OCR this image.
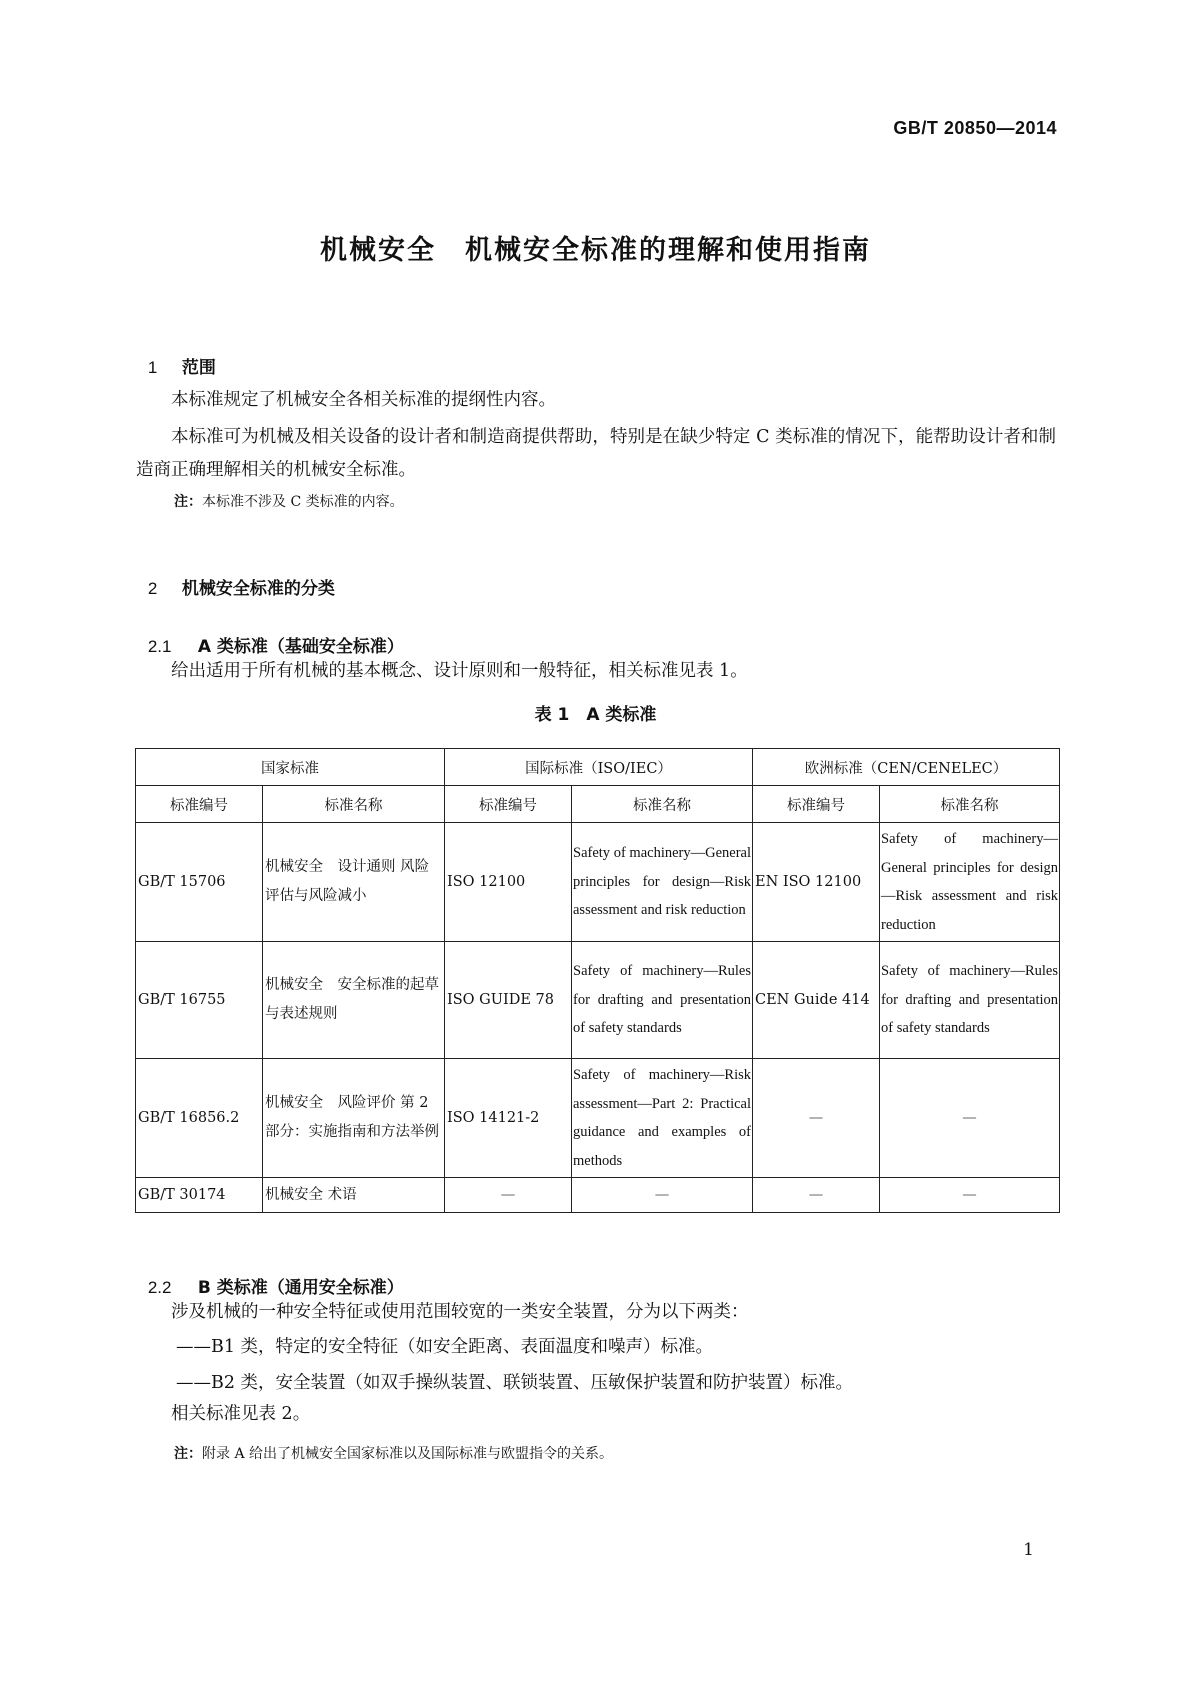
GB/T 20850—2014
机械安全　机械安全标准的理解和使用指南

1 范围

本标准规定了机械安全各相关标准的提纲性内容。
本标准可为机械及相关设备的设计者和制造商提供帮助，特别是在缺少特定 C 类标准的情况下，能帮助设计者和制造商正确理解相关的机械安全标准。
注：本标准不涉及 C 类标准的内容。

2 机械安全标准的分类

2.1 A 类标准（基础安全标准）

给出适用于所有机械的基本概念、设计原则和一般特征，相关标准见表 1。
表 1　A 类标准
国家标准		国际标准（ISO/IEC）		欧洲标准（CEN/CENELEC）	
标准编号	标准名称	标准编号	标准名称	标准编号	标准名称
GB/T 15706	机械安全　设计通则 风险评估与风险减小	ISO 12100	Safety of machinery—General principles for design—Risk assessment and risk reduction	EN ISO 12100	Safety of machinery—General principles for design—Risk assessment and risk reduction
GB/T 16755	机械安全　安全标准的起草与表述规则	ISO GUIDE 78	Safety of machinery—Rules for drafting and presentation of safety standards	CEN Guide 414	Safety of machinery—Rules for drafting and presentation of safety standards
GB/T 16856.2	机械安全　风险评价 第 2 部分：实施指南和方法举例	ISO 14121-2	Safety of machinery—Risk assessment—Part 2: Practical guidance and examples of methods	—	—
GB/T 30174	机械安全 术语	—	—	—	—

2.2 B 类标准（通用安全标准）

涉及机械的一种安全特征或使用范围较宽的一类安全装置，分为以下两类：
——B1 类，特定的安全特征（如安全距离、表面温度和噪声）标准。
——B2 类，安全装置（如双手操纵装置、联锁装置、压敏保护装置和防护装置）标准。
相关标准见表 2。
注：附录 A 给出了机械安全国家标准以及国际标准与欧盟指令的关系。
1
